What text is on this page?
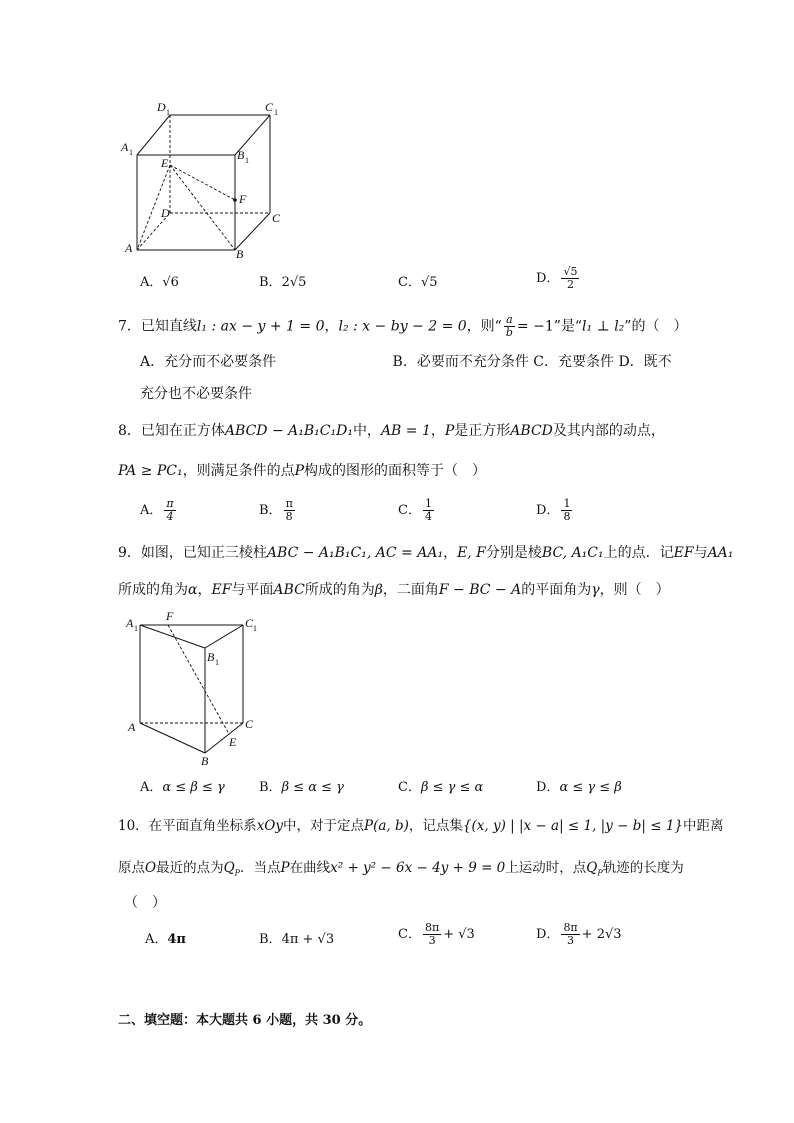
D 1	C 1
A 1	B 1
E
F
D	C
A	B
A．√6	B．2√5	C．√5	D． $\frac{√5}{2}$
7．已知直线l₁ : ax − y + 1 = 0，l₂ : x − by − 2 = 0，则“ $\frac{a}{b} = -1$”是“l₁ ⊥ l₂”的（　）
A．充分而不必要条件　　　　　　　　 B．必要而不充分条件 C．充要条件 D．既不
充分也不必要条件
8．已知在正方体ABCD − A₁B₁C₁D₁中，AB = 1，P是正方形ABCD及其内部的动点，
PA ≥ PC₁，则满足条件的点P构成的图形的面积等于（　）
A． $\frac{\pi}{4}$	B． $\frac{\pi}{8}$	C． $\frac{1}{4}$	D． $\frac{1}{8}$
9．如图，已知正三棱柱ABC − A₁B₁C₁, AC = AA₁，E, F分别是棱BC, A₁C₁上的点．记EF与AA₁
所成的角为α，EF与平面ABC所成的角为β，二面角F − BC − A的平面角为γ，则（　）
A 1
F	C 1
B 1
A	C
E
B
A．α ≤ β ≤ γ	B．β ≤ α ≤ γ	C．β ≤ γ ≤ α	D．α ≤ γ ≤ β
10．在平面直角坐标系xOy中，对于定点P(a, b)，记点集{(x, y) | |x − a| ≤ 1, |y − b| ≤ 1}中距离
原点O最近的点为$Q_P$．当点P在曲线x² + y² − 6x − 4y + 9 = 0上运动时，点$Q_P$轨迹的长度为
（　）
A．4π	B．4π + √3	C． $\frac{8\pi}{3} + √3$	D． $\frac{8\pi}{3} + 2√3$
二、填空题：本大题共 6 小题，共 30 分。
